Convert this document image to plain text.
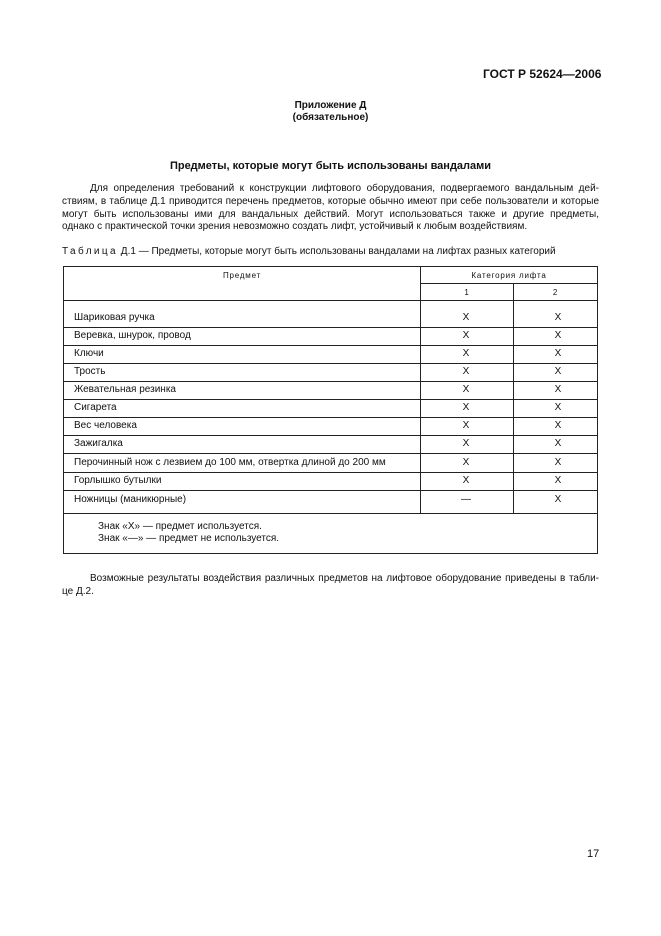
ГОСТ Р 52624—2006
Приложение Д
(обязательное)
Предметы, которые могут быть использованы вандалами
Для определения требований к конструкции лифтового оборудования, подвергаемого вандальным дей-
ствиям, в таблице Д.1 приводится перечень предметов, которые обычно имеют при себе пользователи и которые
могут быть использованы ими для вандальных действий. Могут использоваться также и другие предметы,
однако с практической точки зрения невозможно создать лифт, устойчивый к любым воздействиям.
Таблица Д.1 — Предметы, которые могут быть использованы вандалами на лифтах разных категорий
Предмет	Категория лифта
1	2
Шариковая ручка	X	X
Веревка, шнурок, провод	X	X
Ключи	X	X
Трость	X	X
Жевательная резинка	X	X
Сигарета	X	X
Вес человека	X	X
Зажигалка	X	X
Перочинный нож с лезвием до 100 мм, отвертка длиной до 200 мм	X	X
Горлышко бутылки	X	X
Ножницы (маникюрные)	—	X
Знак «X» — предмет используется.
Знак «—» — предмет не используется.
Возможные результаты воздействия различных предметов на лифтовое оборудование приведены в табли-
це Д.2.
17
